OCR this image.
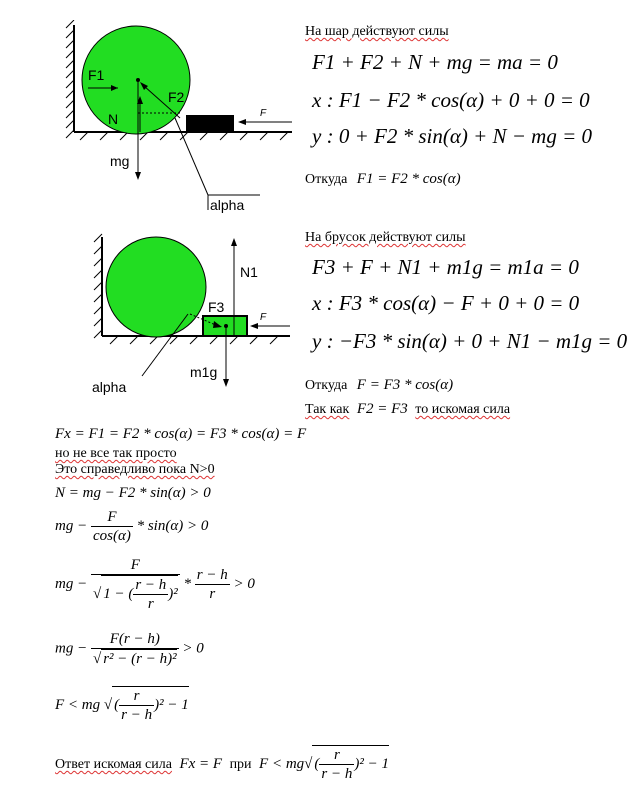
F1
F2
N
mg
alpha
F
N1
F3
m1g
alpha
F
На шар действуют силы
F1 + F2 + N + mg = ma = 0
x : F1 − F2 * cos(α) + 0 + 0 = 0
y : 0 + F2 * sin(α) + N − mg = 0
Откуда F1 = F2 * cos(α)
На брусок действуют силы
F3 + F + N1 + m1g = m1a = 0
x : F3 * cos(α) − F + 0 + 0 = 0
y : −F3 * sin(α) + 0 + N1 − m1g = 0
Откуда F = F3 * cos(α)
Так как F2 = F3 то искомая сила
Fx = F1 = F2 * cos(α) = F3 * cos(α) = F
но не все так просто
Это справедливо пока N>0
N = mg − F2 * sin(α) > 0
mg − $\frac{F}{\cos(\alpha)} * \sin(\alpha) > 0$
mg − $\frac{F}{√ 1 - ( \frac{r - h}{r} )^2} * \frac{r - h}{r} > 0$
mg − $\frac{F(r - h)}{\text{√ r² − (r − h)²}} > 0$
F < mg √ ( $\frac{r}{r - h} )^2 - 1$
Ответ искомая сила Fx = F при F < mg√ ( $\frac{r}{r - h} )^2 - 1$
